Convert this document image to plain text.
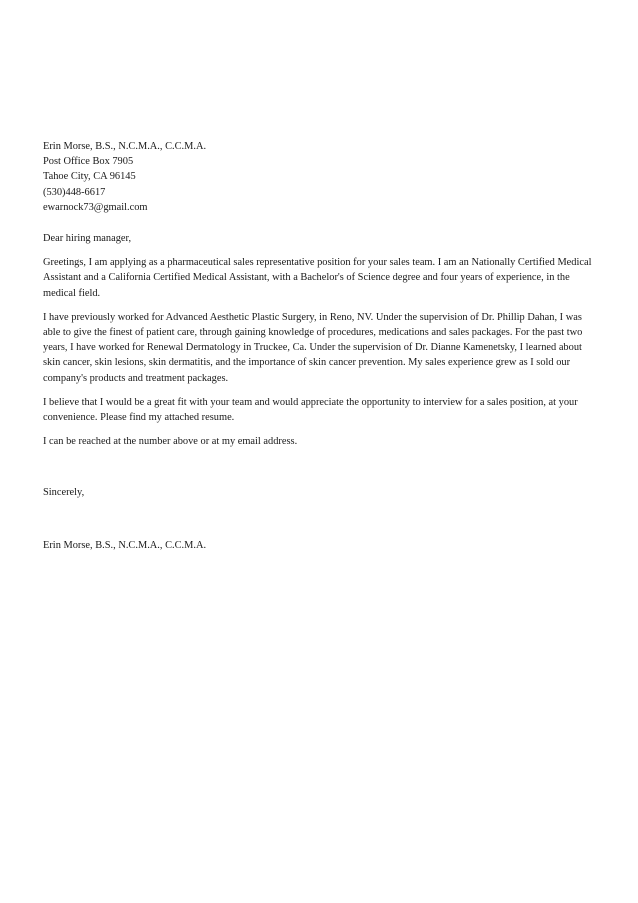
Erin Morse, B.S., N.C.M.A., C.C.M.A.
Post Office Box 7905
Tahoe City, CA 96145
(530)448-6617
ewarnock73@gmail.com

Dear hiring manager,

Greetings, I am applying as a pharmaceutical sales representative position for your sales team. I am an Nationally Certified Medical Assistant and a California Certified Medical Assistant, with a Bachelor's of Science degree and four years of experience, in the medical field.

I have previously worked for Advanced Aesthetic Plastic Surgery, in Reno, NV. Under the supervision of Dr. Phillip Dahan, I was able to give the finest of patient care, through gaining knowledge of procedures, medications and sales packages. For the past two years, I have worked for Renewal Dermatology in Truckee, Ca. Under the supervision of Dr. Dianne Kamenetsky, I learned about skin cancer, skin lesions, skin dermatitis, and the importance of skin cancer prevention. My sales experience grew as I sold our company's products and treatment packages.

I believe that I would be a great fit with your team and would appreciate the opportunity to interview for a sales position, at your convenience. Please find my attached resume.

I can be reached at the number above or at my email address.

Sincerely,

Erin Morse, B.S., N.C.M.A., C.C.M.A.
